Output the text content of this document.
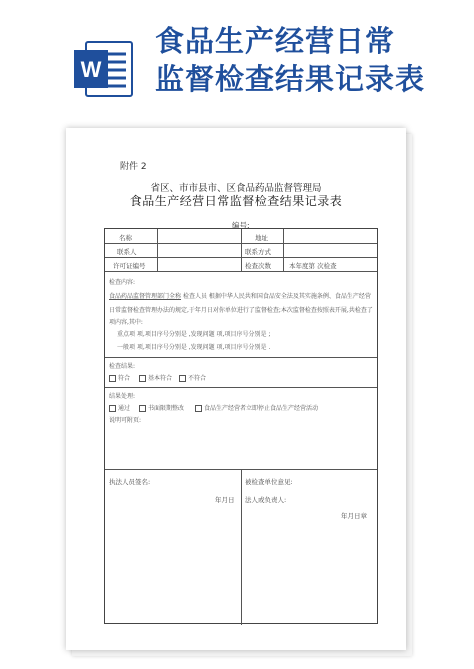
W
食品生产经营日常
监督检查结果记录表
附件 2
省区、市市县市、区食品药品监督管理局
食品生产经营日常监督检查结果记录表
编号:
名称	地址
联系人	联系方式
许可证编号	检查次数	本年度第 次检查
检查内容:
食品药品监督管理部门全称 检查人员 根据中华人民共和国食品安全法及其实施条例、食品生产经营
日常监督检查管理办法的规定,于年月日对你单位进行了监督检查;本次监督检查按照表开展,共检查了
项内容,其中:
重点项 项,项目序号分别是 ,发现问题 项,项目序号分别是 ;
一般项 项,项目序号分别是 ,发现问题 项,项目序号分别是 .
检查结果:
符合	基本符合	不符合
结果处理:
通过	书面限期整改	食品生产经营者立即停止食品生产经营活动
说明可附页:
执法人员签名:
年月日
被检查单位意见:
法人或负责人:
年月日章
